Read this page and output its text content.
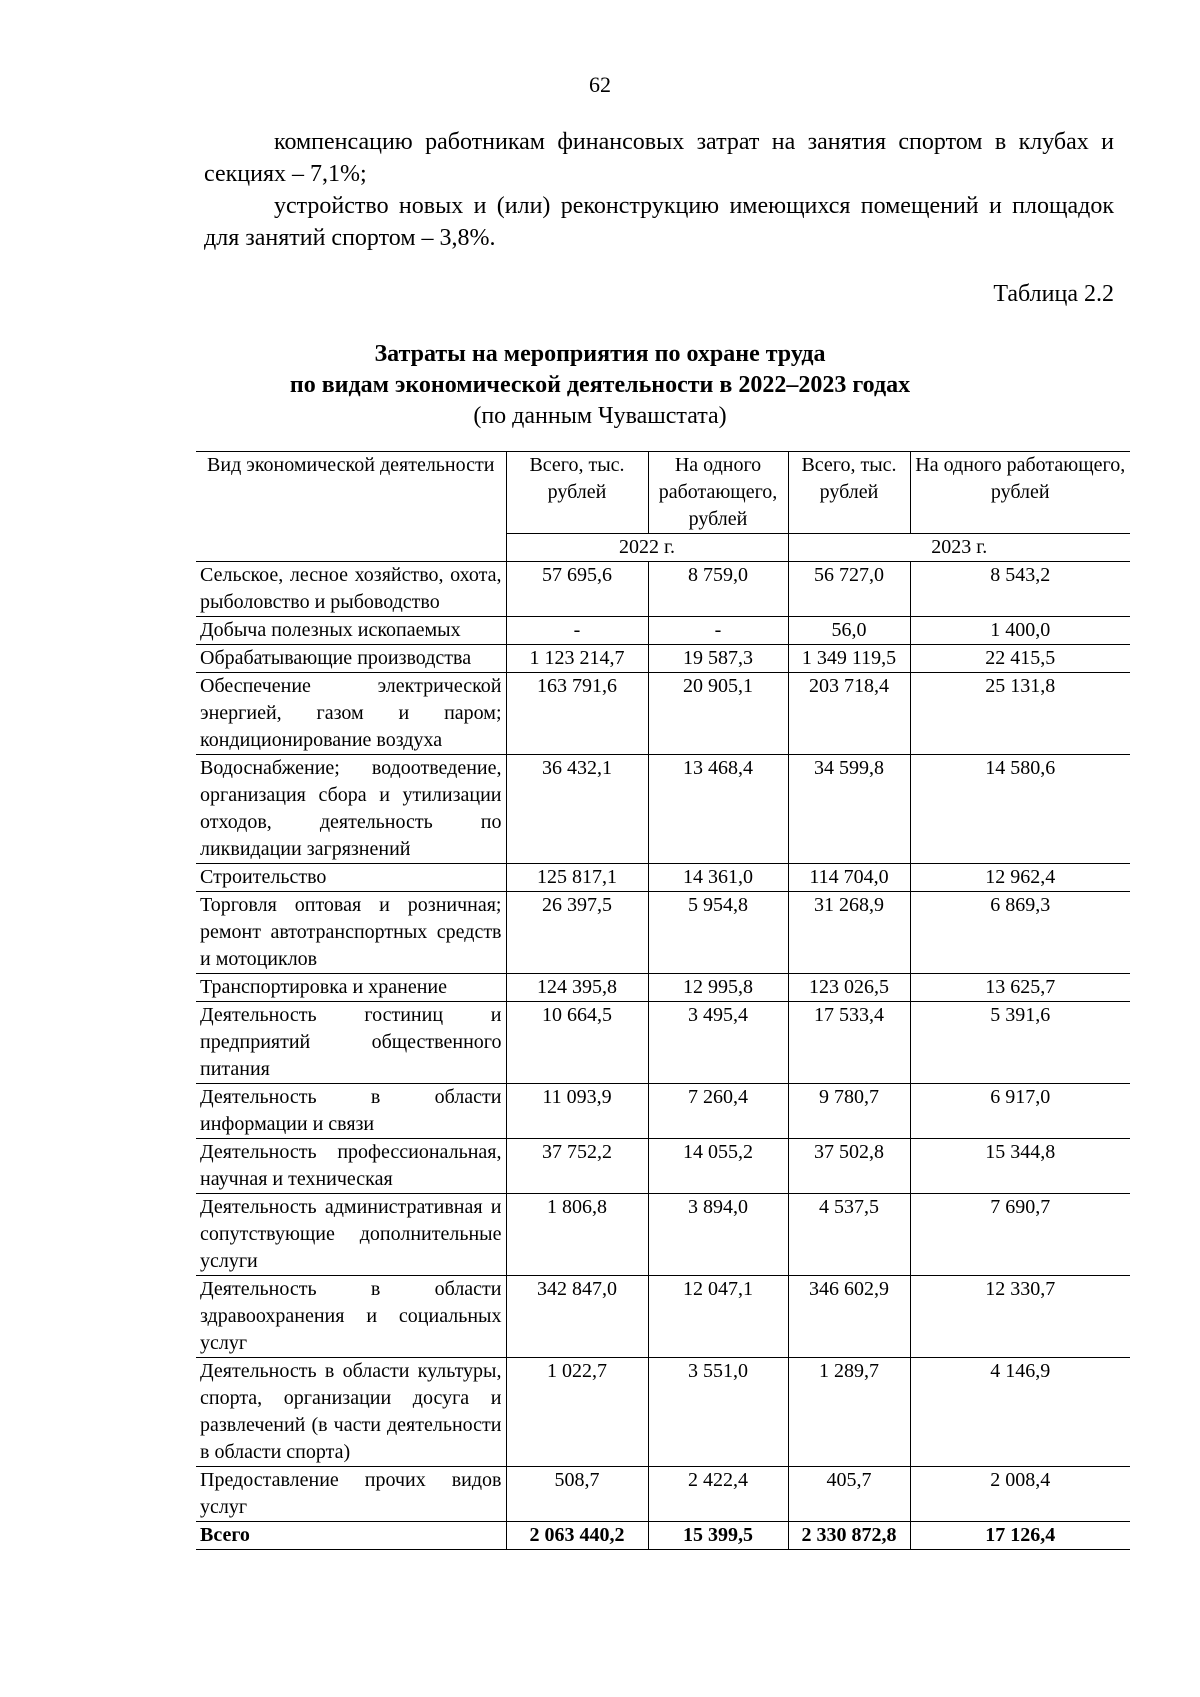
62

компенсацию работникам финансовых затрат на занятия спортом в клубах и секциях – 7,1%;

устройство новых и (или) реконструкцию имеющихся помещений и площадок для занятий спортом – 3,8%.

Таблица 2.2
Затраты на мероприятия по охране труда
по видам экономической деятельности в 2022–2023 годах
(по данным Чувашстата)
Вид экономической деятельности	Всего, тыс. рублей	На одного работающего, рублей	Всего, тыс. рублей	На одного работающего, рублей
	2022 г.		2023 г.	
Сельское, лесное хозяйство, охота, рыболовство и рыбоводство	57 695,6	8 759,0	56 727,0	8 543,2
Добыча полезных ископаемых	-	-	56,0	1 400,0
Обрабатывающие производства	1 123 214,7	19 587,3	1 349 119,5	22 415,5
Обеспечение электрической энергией, газом и паром; кондиционирование воздуха	163 791,6	20 905,1	203 718,4	25 131,8
Водоснабжение; водоотведение, организация сбора и утилизации отходов, деятельность по ликвидации загрязнений	36 432,1	13 468,4	34 599,8	14 580,6
Строительство	125 817,1	14 361,0	114 704,0	12 962,4
Торговля оптовая и розничная; ремонт автотранспортных средств и мотоциклов	26 397,5	5 954,8	31 268,9	6 869,3
Транспортировка и хранение	124 395,8	12 995,8	123 026,5	13 625,7
Деятельность гостиниц и предприятий общественного питания	10 664,5	3 495,4	17 533,4	5 391,6
Деятельность в области информации и связи	11 093,9	7 260,4	9 780,7	6 917,0
Деятельность профессиональная, научная и техническая	37 752,2	14 055,2	37 502,8	15 344,8
Деятельность административная и сопутствующие дополнительные услуги	1 806,8	3 894,0	4 537,5	7 690,7
Деятельность в области здравоохранения и социальных услуг	342 847,0	12 047,1	346 602,9	12 330,7
Деятельность в области культуры, спорта, организации досуга и развлечений (в части деятельности в области спорта)	1 022,7	3 551,0	1 289,7	4 146,9
Предоставление прочих видов услуг	508,7	2 422,4	405,7	2 008,4
Всего	2 063 440,2	15 399,5	2 330 872,8	17 126,4
